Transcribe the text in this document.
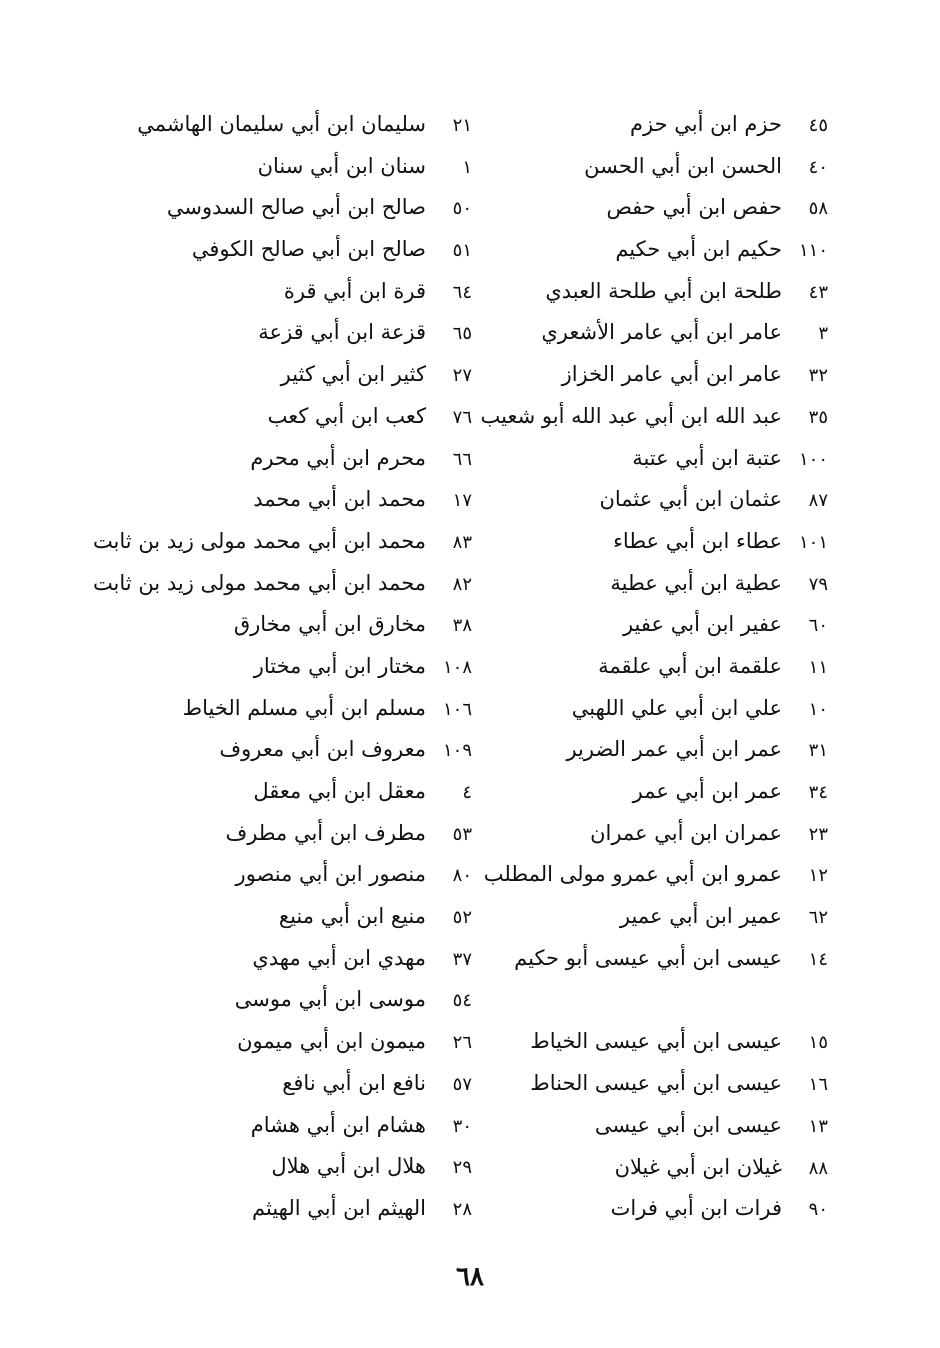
٤٥
حزم ابن أبي حزم
٤٠
الحسن ابن أبي الحسن
٥٨
حفص ابن أبي حفص
١١٠
حكيم ابن أبي حكيم
٤٣
طلحة ابن أبي طلحة العبدي
٣
عامر ابن أبي عامر الأشعري
٣٢
عامر ابن أبي عامر الخزاز
٣٥
عبد الله ابن أبي عبد الله أبو شعيب
١٠٠
عتبة ابن أبي عتبة
٨٧
عثمان ابن أبي عثمان
١٠١
عطاء ابن أبي عطاء
٧٩
عطية ابن أبي عطية
٦٠
عفير ابن أبي عفير
١١
علقمة ابن أبي علقمة
١٠
علي ابن أبي علي اللهبي
٣١
عمر ابن أبي عمر الضرير
٣٤
عمر ابن أبي عمر
٢٣
عمران ابن أبي عمران
١٢
عمرو ابن أبي عمرو مولى المطلب
٦٢
عمير ابن أبي عمير
١٤
عيسى ابن أبي عيسى أبو حكيم
١٥
عيسى ابن أبي عيسى الخياط
١٦
عيسى ابن أبي عيسى الحناط
١٣
عيسى ابن أبي عيسى
٨٨
غيلان ابن أبي غيلان
٩٠
فرات ابن أبي فرات
٢١
سليمان ابن أبي سليمان الهاشمي
١
سنان ابن أبي سنان
٥٠
صالح ابن أبي صالح السدوسي
٥١
صالح ابن أبي صالح الكوفي
٦٤
قرة ابن أبي قرة
٦٥
قزعة ابن أبي قزعة
٢٧
كثير ابن أبي كثير
٧٦
كعب ابن أبي كعب
٦٦
محرم ابن أبي محرم
١٧
محمد ابن أبي محمد
٨٣
محمد ابن أبي محمد مولى زيد بن ثابت
٨٢
محمد ابن أبي محمد مولى زيد بن ثابت
٣٨
مخارق ابن أبي مخارق
١٠٨
مختار ابن أبي مختار
١٠٦
مسلم ابن أبي مسلم الخياط
١٠٩
معروف ابن أبي معروف
٤
معقل ابن أبي معقل
٥٣
مطرف ابن أبي مطرف
٨٠
منصور ابن أبي منصور
٥٢
منيع ابن أبي منيع
٣٧
مهدي ابن أبي مهدي
٥٤
موسى ابن أبي موسى
٢٦
ميمون ابن أبي ميمون
٥٧
نافع ابن أبي نافع
٣٠
هشام ابن أبي هشام
٢٩
هلال ابن أبي هلال
٢٨
الهيثم ابن أبي الهيثم
٦٨
